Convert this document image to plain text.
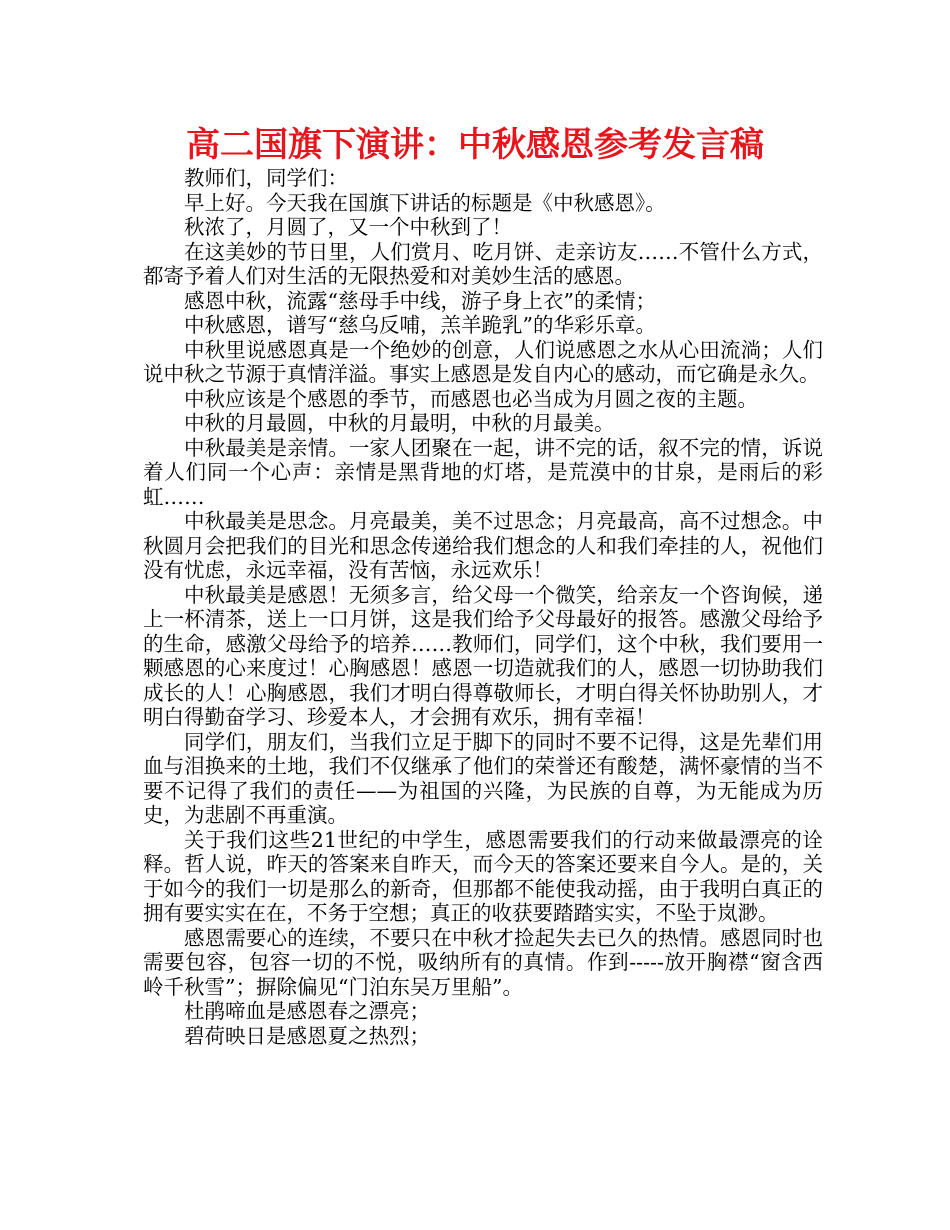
高二国旗下演讲：中秋感恩参考发言稿

教师们，同学们：

早上好。今天我在国旗下讲话的标题是《中秋感恩》。

秋浓了，月圆了，又一个中秋到了！

在这美妙的节日里，人们赏月、吃月饼、走亲访友……不管什么方式，都寄予着人们对生活的无限热爱和对美妙生活的感恩。

感恩中秋，流露“慈母手中线，游子身上衣”的柔情；

中秋感恩，谱写“慈乌反哺，羔羊跪乳”的华彩乐章。

中秋里说感恩真是一个绝妙的创意，人们说感恩之水从心田流淌；人们说中秋之节源于真情洋溢。事实上感恩是发自内心的感动，而它确是永久。

中秋应该是个感恩的季节，而感恩也必当成为月圆之夜的主题。

中秋的月最圆，中秋的月最明，中秋的月最美。

中秋最美是亲情。一家人团聚在一起，讲不完的话，叙不完的情，诉说着人们同一个心声：亲情是黑背地的灯塔，是荒漠中的甘泉，是雨后的彩虹……

中秋最美是思念。月亮最美，美不过思念；月亮最高，高不过想念。中秋圆月会把我们的目光和思念传递给我们想念的人和我们牵挂的人，祝他们没有忧虑，永远幸福，没有苦恼，永远欢乐！

中秋最美是感恩！无须多言，给父母一个微笑，给亲友一个咨询候，递上一杯清茶，送上一口月饼，这是我们给予父母最好的报答。感激父母给予的生命，感激父母给予的培养……教师们，同学们，这个中秋，我们要用一颗感恩的心来度过！心胸感恩！感恩一切造就我们的人，感恩一切协助我们成长的人！心胸感恩，我们才明白得尊敬师长，才明白得关怀协助别人，才明白得勤奋学习、珍爱本人，才会拥有欢乐，拥有幸福！

同学们，朋友们，当我们立足于脚下的同时不要不记得，这是先辈们用血与泪换来的土地，我们不仅继承了他们的荣誉还有酸楚，满怀豪情的当不要不记得了我们的责任——为祖国的兴隆，为民族的自尊，为无能成为历史，为悲剧不再重演。

关于我们这些21世纪的中学生，感恩需要我们的行动来做最漂亮的诠释。哲人说，昨天的答案来自昨天，而今天的答案还要来自今人。是的，关于如今的我们一切是那么的新奇，但那都不能使我动摇，由于我明白真正的拥有要实实在在，不务于空想；真正的收获要踏踏实实，不坠于岚渺。

感恩需要心的连续，不要只在中秋才捡起失去已久的热情。感恩同时也需要包容，包容一切的不悦，吸纳所有的真情。作到-----放开胸襟“窗含西岭千秋雪”；摒除偏见“门泊东吴万里船”。

杜鹃啼血是感恩春之漂亮；

碧荷映日是感恩夏之热烈；
